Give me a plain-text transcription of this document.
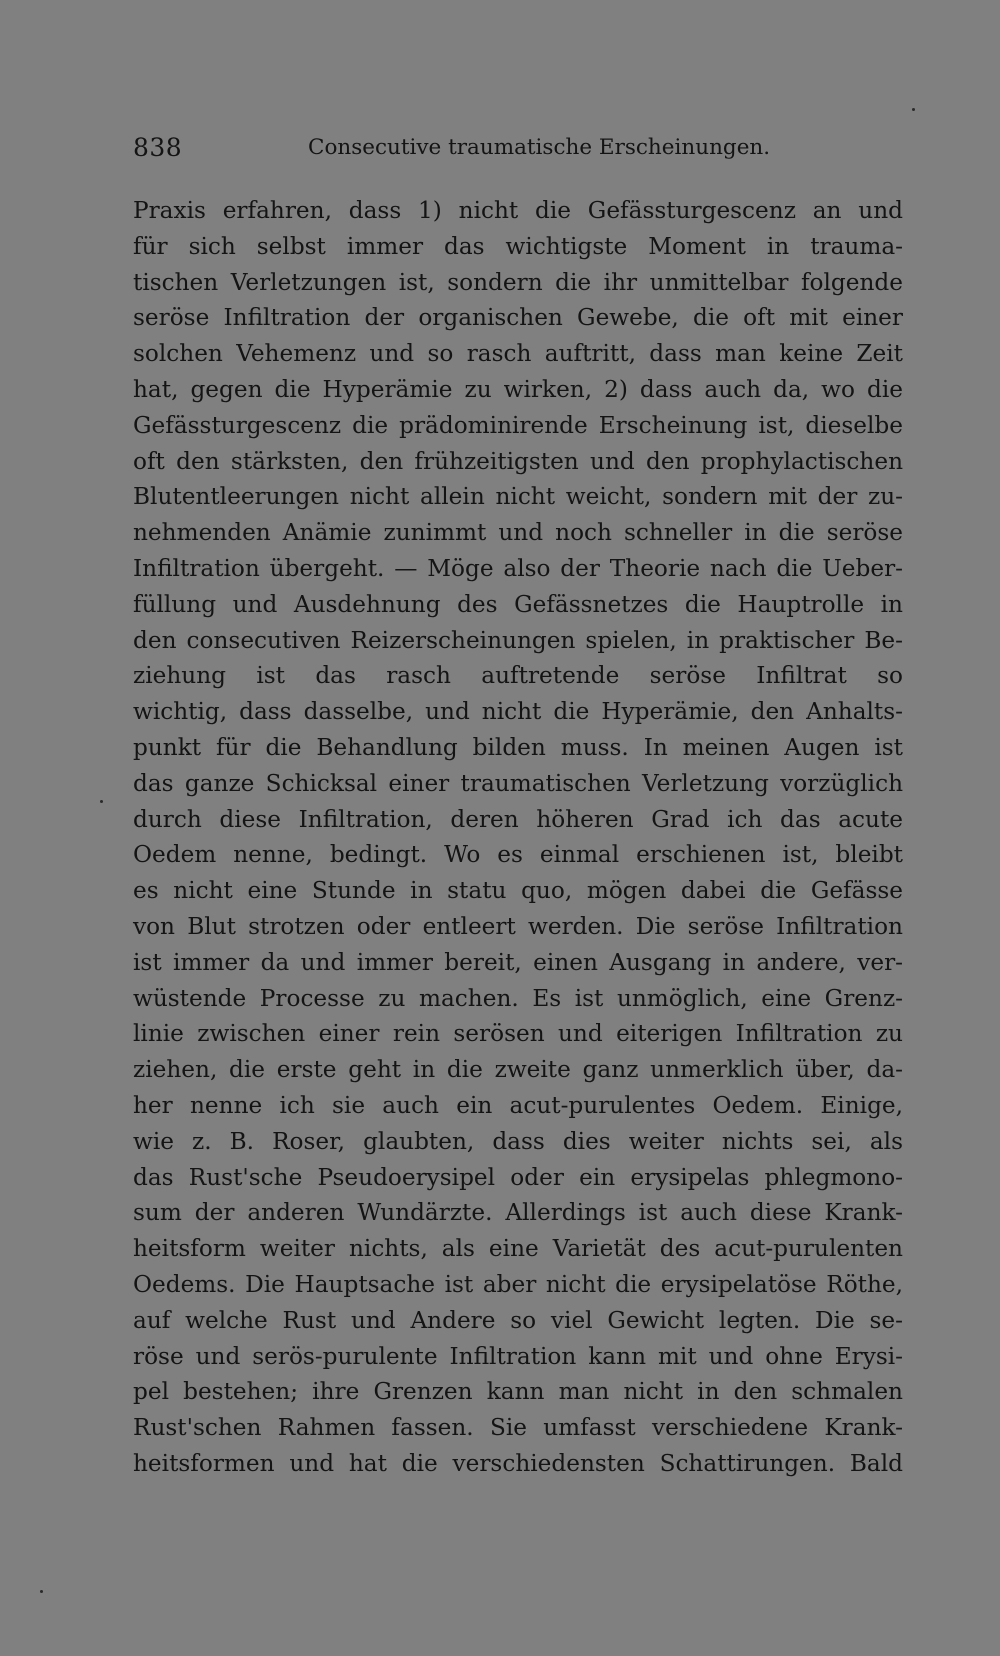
838	Consecutive traumatische Erscheinungen.
Praxis erfahren, dass 1) nicht die Gefässturgescenz an und
für sich selbst immer das wichtigste Moment in trauma-
tischen Verletzungen ist, sondern die ihr unmittelbar folgende
seröse Infiltration der organischen Gewebe, die oft mit einer
solchen Vehemenz und so rasch auftritt, dass man keine Zeit
hat, gegen die Hyperämie zu wirken, 2) dass auch da, wo die
Gefässturgescenz die prädominirende Erscheinung ist, dieselbe
oft den stärksten, den frühzeitigsten und den prophylactischen
Blutentleerungen nicht allein nicht weicht, sondern mit der zu-
nehmenden Anämie zunimmt und noch schneller in die seröse
Infiltration übergeht. — Möge also der Theorie nach die Ueber-
füllung und Ausdehnung des Gefässnetzes die Hauptrolle in
den consecutiven Reizerscheinungen spielen, in praktischer Be-
ziehung ist das rasch auftretende seröse Infiltrat so
wichtig, dass dasselbe, und nicht die Hyperämie, den Anhalts-
punkt für die Behandlung bilden muss. In meinen Augen ist
das ganze Schicksal einer traumatischen Verletzung vorzüglich
durch diese Infiltration, deren höheren Grad ich das acute
Oedem nenne, bedingt. Wo es einmal erschienen ist, bleibt
es nicht eine Stunde in statu quo, mögen dabei die Gefässe
von Blut strotzen oder entleert werden. Die seröse Infiltration
ist immer da und immer bereit, einen Ausgang in andere, ver-
wüstende Processe zu machen. Es ist unmöglich, eine Grenz-
linie zwischen einer rein serösen und eiterigen Infiltration zu
ziehen, die erste geht in die zweite ganz unmerklich über, da-
her nenne ich sie auch ein acut-purulentes Oedem. Einige,
wie z. B. Roser, glaubten, dass dies weiter nichts sei, als
das Rust'sche Pseudoerysipel oder ein erysipelas phlegmono-
sum der anderen Wundärzte. Allerdings ist auch diese Krank-
heitsform weiter nichts, als eine Varietät des acut-purulenten
Oedems. Die Hauptsache ist aber nicht die erysipelatöse Röthe,
auf welche Rust und Andere so viel Gewicht legten. Die se-
röse und serös-purulente Infiltration kann mit und ohne Erysi-
pel bestehen; ihre Grenzen kann man nicht in den schmalen
Rust'schen Rahmen fassen. Sie umfasst verschiedene Krank-
heitsformen und hat die verschiedensten Schattirungen. Bald
